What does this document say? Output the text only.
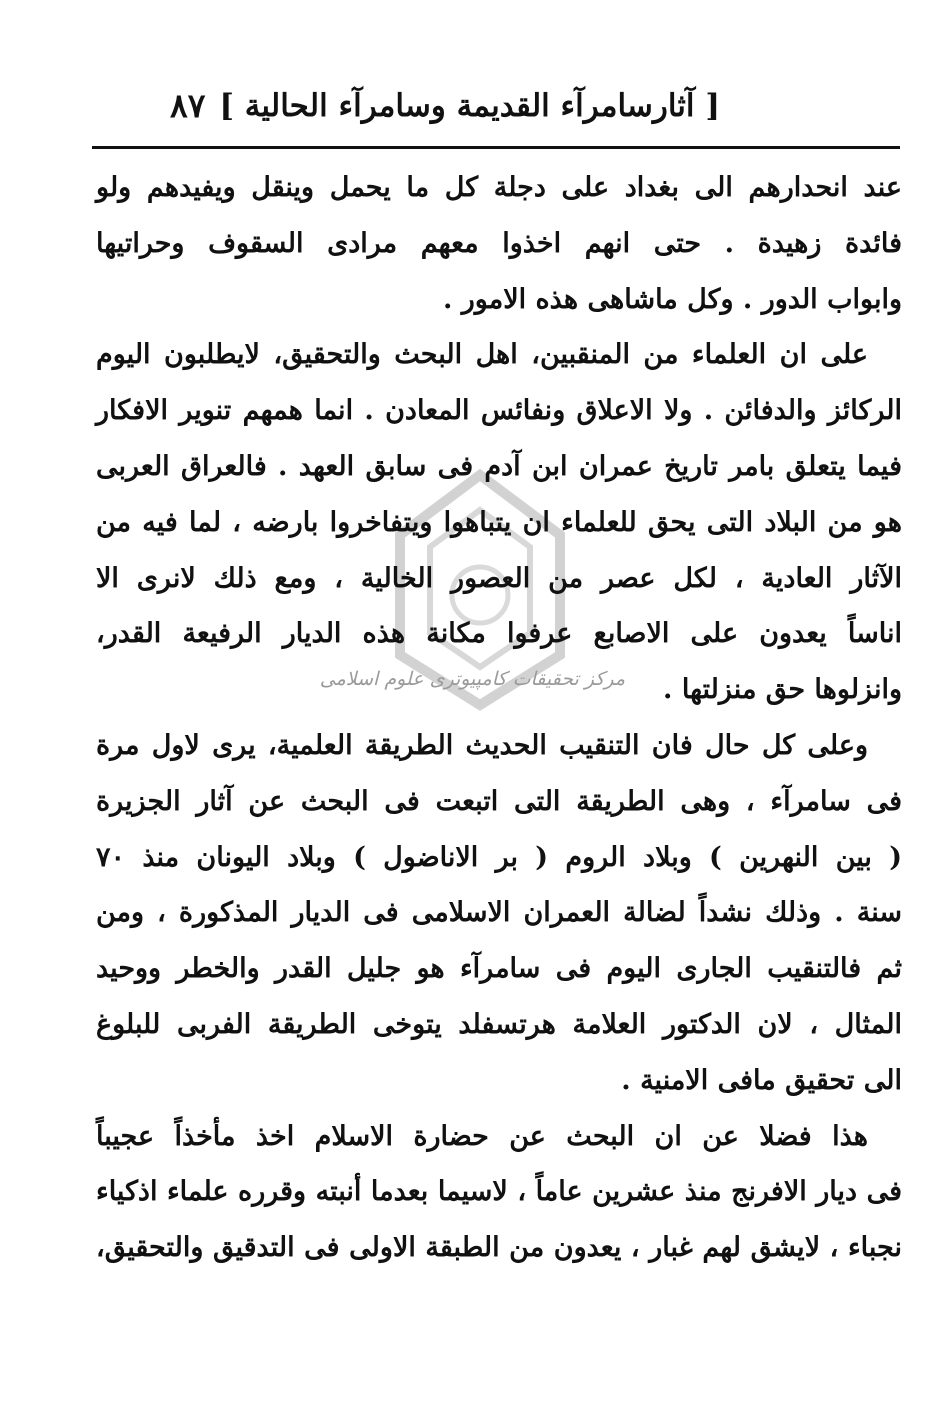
[ آثارسامرآء القديمة وسامرآء الحالية ]
٨٧
مركز تحقيقات كامپیوتری علوم اسلامی
عند انحدارهم الى بغداد على دجلة كل ما يحمل وينقل ويفيدهم ولو
فائدة زهيدة . حتى انهم اخذوا معهم مرادى السقوف وحراتيها
وابواب الدور . وكل ماشاهى هذه الامور .
على ان العلماء من المنقبين، اهل البحث والتحقيق، لايطلبون اليوم
الركائز والدفائن . ولا الاعلاق ونفائس المعادن . انما همهم تنوير الافكار
فيما يتعلق بامر تاريخ عمران ابن آدم فى سابق العهد . فالعراق العربى
هو من البلاد التى يحق للعلماء ان يتباهوا ويتفاخروا بارضه ، لما فيه من
الآثار العادية ، لكل عصر من العصور الخالية ، ومع ذلك لانرى الا
اناساً يعدون على الاصابع عرفوا مكانة هذه الديار الرفيعة القدر،
وانزلوها حق منزلتها .
وعلى كل حال فان التنقيب الحديث الطريقة العلمية، يرى لاول مرة
فى سامرآء ، وهى الطريقة التى اتبعت فى البحث عن آثار الجزيرة
( بين النهرين ) وبلاد الروم ( بر الاناضول ) وبلاد اليونان منذ ٧٠
سنة . وذلك نشداً لضالة العمران الاسلامى فى الديار المذكورة ، ومن
ثم فالتنقيب الجارى اليوم فى سامرآء هو جليل القدر والخطر ووحيد
المثال ، لان الدكتور العلامة هرتسفلد يتوخى الطريقة الفربى للبلوغ
الى تحقيق مافى الامنية .
هذا فضلا عن ان البحث عن حضارة الاسلام اخذ مأخذاً عجيباً
فى ديار الافرنج منذ عشرين عاماً ، لاسيما بعدما أنبته وقرره علماء اذكياء
نجباء ، لايشق لهم غبار ، يعدون من الطبقة الاولى فى التدقيق والتحقيق،
